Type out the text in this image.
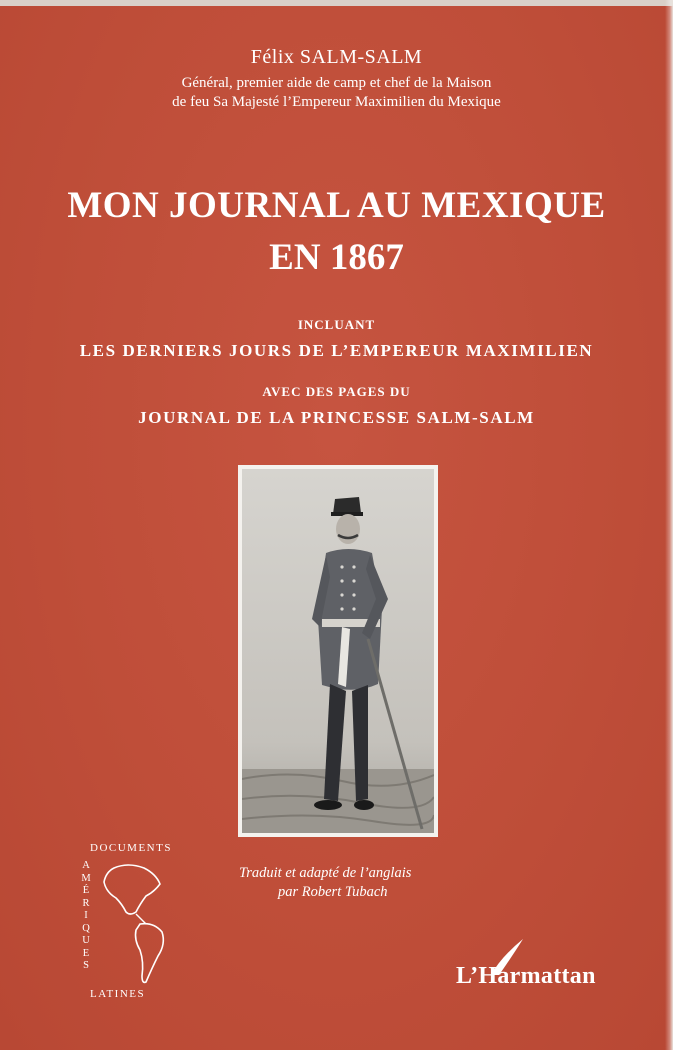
Félix SALM-SALM
Général, premier aide de camp et chef de la Maison
de feu Sa Majesté l’Empereur Maximilien du Mexique
MON JOURNAL AU MEXIQUE
EN 1867
INCLUANT
LES DERNIERS JOURS DE L’EMPEREUR MAXIMILIEN
AVEC DES PAGES DU
JOURNAL DE LA PRINCESSE SALM-SALM
Traduit et adapté de l’anglais
par Robert Tubach
DOCUMENTS
A
M
É
R
I
Q
U
E
S
LATINES
L’Harmattan
